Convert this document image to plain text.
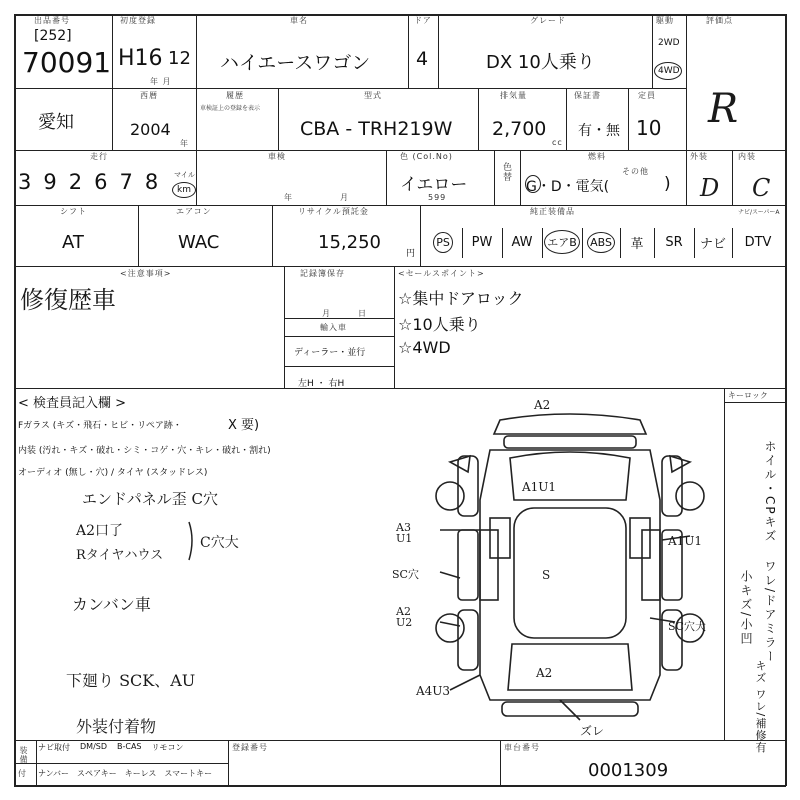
出品番号
[252]
70091
初度登録
H16 12
年 月
車名
ハイエースワゴン
ドア
4
グレード
DX 10人乗り
駆動
2WD
4WD
評価点
R
愛知
西暦
2004
年
履歴
車検証上の登録を表示
型式
CBA - TRH219W
排気量
2,700
cc
保証書
有・無
定員
10
走行
3 9 2 6 7 8 マイル
km
車検
年	月
色 (Col.No)
イエロー
599
色替
燃料
G・D・電気(
その他
)
外装
D
内装
C
シフト
AT
エアコン
WAC
リサイクル預託金
15,250
円
純正装備品	ナビ/スーパーA
PS PW AW エアB ABS 革 SR ナビ DTV
<注意事項>
修復歴車
記録簿保存
月	日
輸入車
ディーラー・並行
左H ・ 右H
<セールスポイント>
☆集中ドアロック
☆10人乗り
☆4WD
< 検査員記入欄 >
Fガラス (キズ・飛石・ヒビ・リペア跡・	X 要)
内装 (汚れ・キズ・破れ・シミ・コゲ・穴・キレ・破れ・割れ)
オーディオ (無し・穴) / タイヤ (スタッドレス)
エンドパネル歪 C穴
A2口了
Rタイヤハウス
C穴大
カンバン車
下廻り SCK、AU
外装付着物
A2
A1U1
S
A3 U1
SC穴
A2 U2
A1U1
SC穴大
A2
A4U3
ズレ
キーロック
ホイル・CPキズ
ワレ/ドアミラー
小キズ/小凹
キズ ワレ/補修有
装備
付
ナビ取付 DM/SD B-CAS リモコン
ナンバー スペアキー キーレス スマートキー
登録番号	車台番号
0001309
